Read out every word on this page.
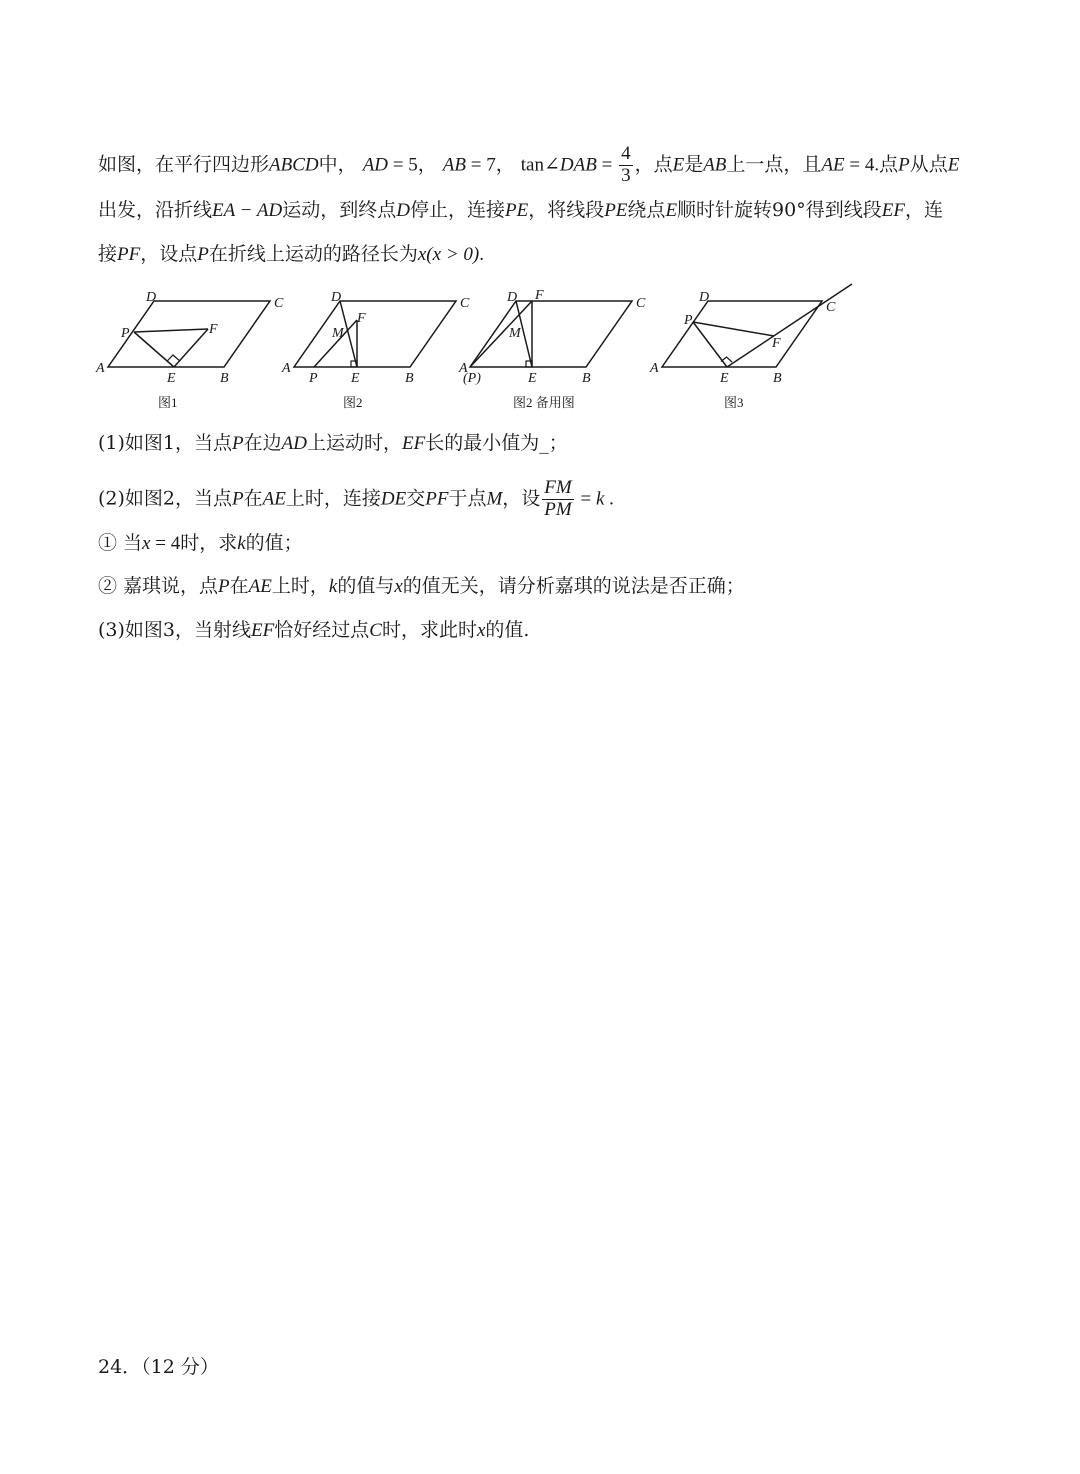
如图，在平行四边形ABCD中， AD = 5， AB = 7， tan∠DAB = $\frac{4}{3}$ ，点E是AB上一点，且AE = 4.点P从点E
出发，沿折线EA − AD运动，到终点D停止，连接PE，将线段PE绕点E顺时针旋转90°得到线段EF，连
接PF，设点P在折线上运动的路径长为x(x > 0).
A
B
C
D
E
P	F
图1
A
B
C
D
E
P
F
M
图2
A
(P)	B
C
D
E
F
M
图2 备用图
A
B
C
D
E
P
F
图3
(1)如图1，当点P在边AD上运动时，EF长的最小值为_；
(2)如图2，当点P在AE上时，连接DE交PF于点M，设 $\frac{FM}{PM} = k$ .
① 当x = 4时，求k的值；
② 嘉琪说，点P在AE上时，k的值与x的值无关，请分析嘉琪的说法是否正确；
(3)如图3，当射线EF恰好经过点C时，求此时x的值.
24．（12 分）
